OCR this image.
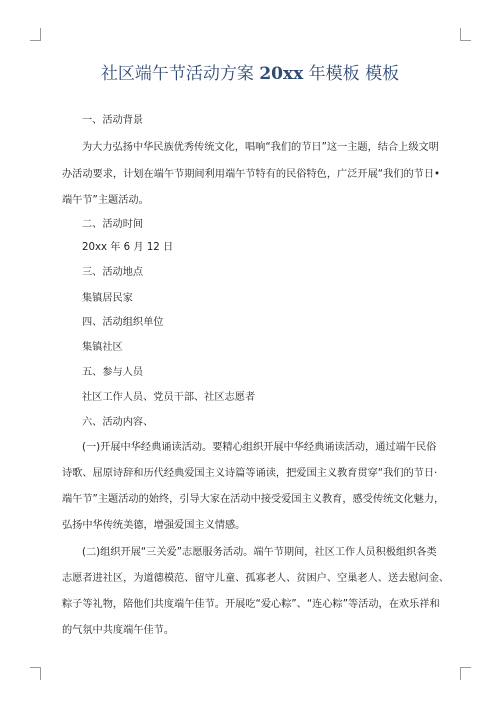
社区端午节活动方案 20xx 年模板 模板
一、活动背景
为大力弘扬中华民族优秀传统文化，唱响“我们的节日”这一主题，结合上级文明
办活动要求，计划在端午节期间利用端午节特有的民俗特色，广泛开展“我们的节日•
端午节”主题活动。
二、活动时间
20xx 年 6 月 12 日
三、活动地点
集镇居民家
四、活动组织单位
集镇社区
五、参与人员
社区工作人员、党员干部、社区志愿者
六、活动内容、
(一)开展中华经典诵读活动。要精心组织开展中华经典诵读活动，通过端午民俗
诗歌、屈原诗辞和历代经典爱国主义诗篇等诵读，把爱国主义教育贯穿“我们的节日·
端午节”主题活动的始终，引导大家在活动中接受爱国主义教育，感受传统文化魅力，
弘扬中华传统美德，增强爱国主义情感。
(二)组织开展“三关爱”志愿服务活动。端午节期间，社区工作人员积极组织各类
志愿者进社区，为道德模范、留守儿童、孤寡老人、贫困户、空巢老人、送去慰问金、
粽子等礼物，陪他们共度端午佳节。开展吃“爱心粽”、“连心粽”等活动，在欢乐祥和
的气氛中共度端午佳节。
